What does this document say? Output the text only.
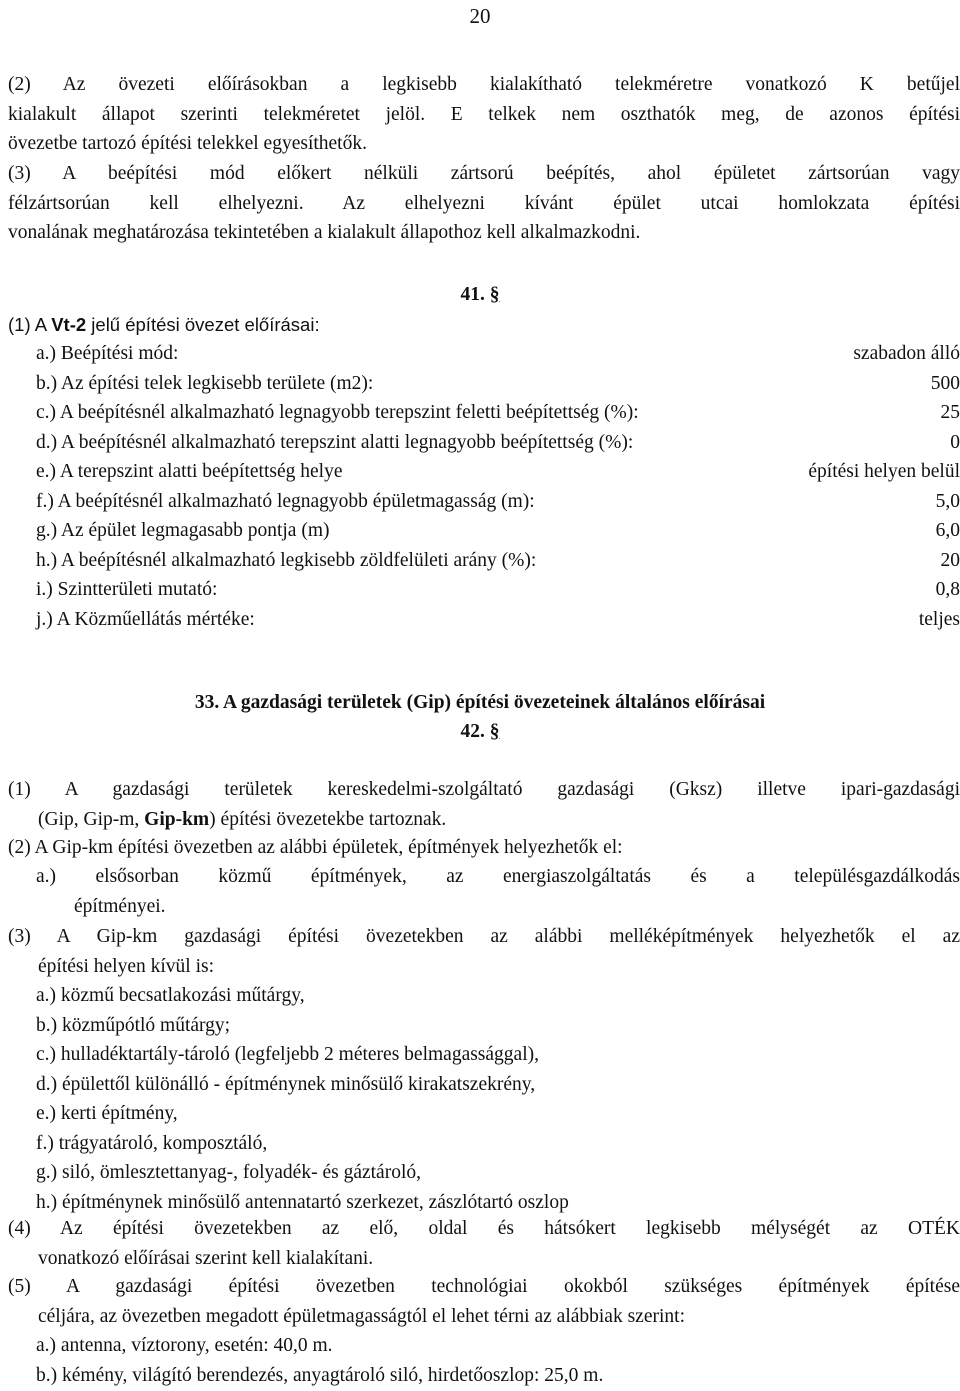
20
(2) Az övezeti előírásokban a legkisebb kialakítható telekméretre vonatkozó K betűjel
kialakult állapot szerinti telekméretet jelöl. E telkek nem oszthatók meg, de azonos építési
övezetbe tartozó építési telekkel egyesíthetők.
(3) A beépítési mód előkert nélküli zártsorú beépítés, ahol épületet zártsorúan vagy
félzártsorúan kell elhelyezni. Az elhelyezni kívánt épület utcai homlokzata építési
vonalának meghatározása tekintetében a kialakult állapothoz kell alkalmazkodni.
41. §
(1) A Vt-2 jelű építési övezet előírásai:
a.) Beépítési mód:	szabadon álló
b.) Az építési telek legkisebb területe (m2):	500
c.) A beépítésnél alkalmazható legnagyobb terepszint feletti beépítettség (%):	25
d.) A beépítésnél alkalmazható terepszint alatti legnagyobb beépítettség (%):	0
e.) A terepszint alatti beépítettség helye	építési helyen belül
f.) A beépítésnél alkalmazható legnagyobb épületmagasság (m):	5,0
g.) Az épület legmagasabb pontja (m)	6,0
h.) A beépítésnél alkalmazható legkisebb zöldfelületi arány (%):	20
i.) Szintterületi mutató:	0,8
j.) A Közműellátás mértéke:	teljes
33. A gazdasági területek (Gip) építési övezeteinek általános előírásai
42. §
(1) A gazdasági területek kereskedelmi-szolgáltató gazdasági (Gksz) illetve ipari-gazdasági
(Gip, Gip-m, Gip-km) építési övezetekbe tartoznak.
(2) A Gip-km építési övezetben az alábbi épületek, építmények helyezhetők el:
a.) elsősorban közmű építmények, az energiaszolgáltatás és a településgazdálkodás
építményei.
(3) A Gip-km gazdasági építési övezetekben az alábbi melléképítmények helyezhetők el az
építési helyen kívül is:
a.) közmű becsatlakozási műtárgy,
b.) közműpótló műtárgy;
c.) hulladéktartály-tároló (legfeljebb 2 méteres belmagassággal),
d.) épülettől különálló - építménynek minősülő kirakatszekrény,
e.) kerti építmény,
f.) trágyatároló, komposztáló,
g.) siló, ömlesztettanyag-, folyadék- és gáztároló,
h.) építménynek minősülő antennatartó szerkezet, zászlótartó oszlop
(4) Az építési övezetekben az elő, oldal és hátsókert legkisebb mélységét az OTÉK
vonatkozó előírásai szerint kell kialakítani.
(5) A gazdasági építési övezetben technológiai okokból szükséges építmények építése
céljára, az övezetben megadott épületmagasságtól el lehet térni az alábbiak szerint:
a.) antenna, víztorony, esetén: 40,0 m.
b.) kémény, világító berendezés, anyagtároló siló, hirdetőoszlop: 25,0 m.
